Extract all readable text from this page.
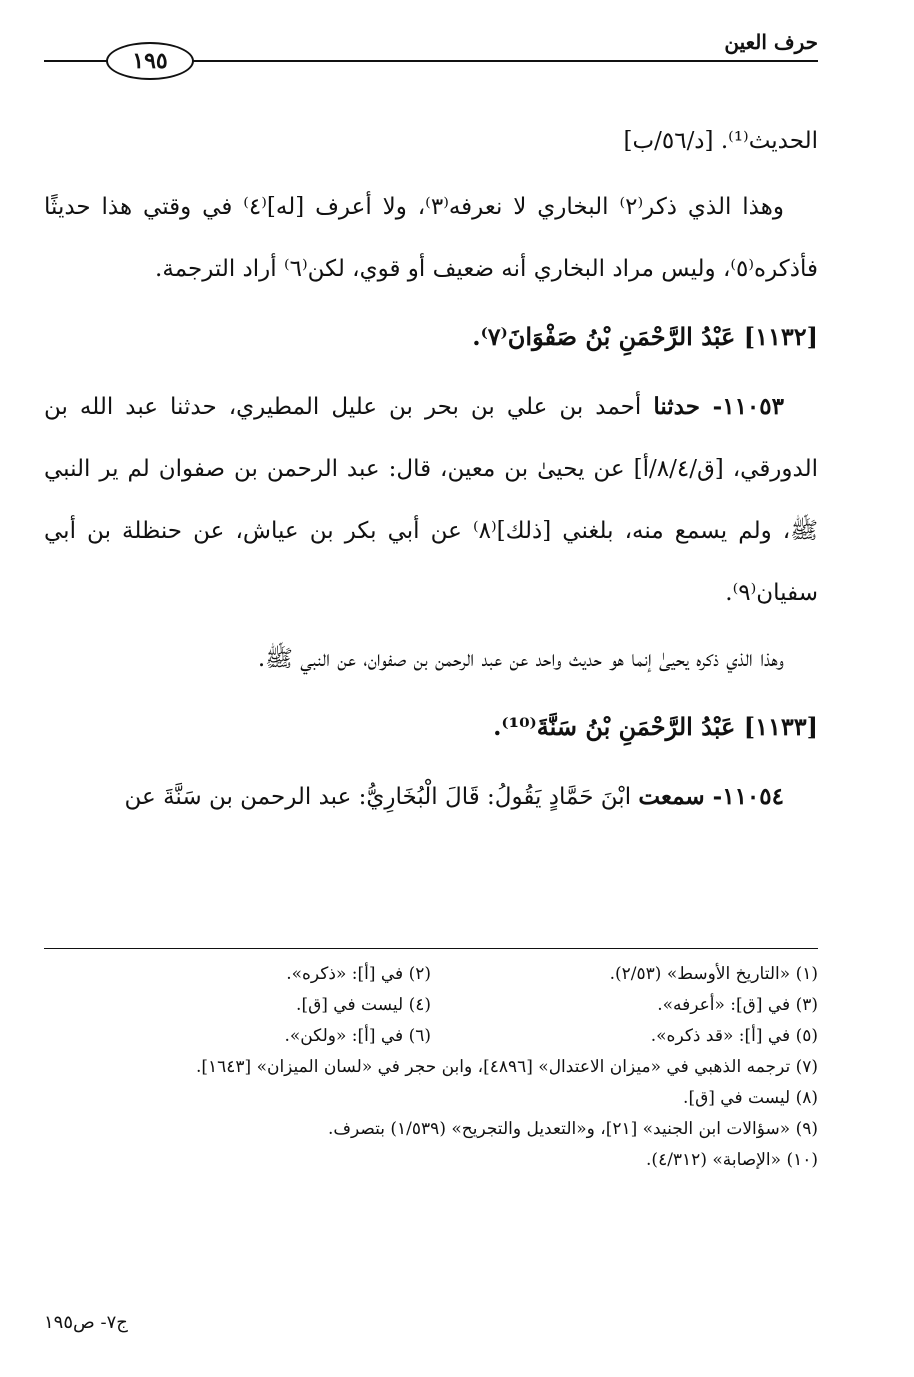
حرف العين
١٩٥

الحديث⁽¹⁾. [د/٥٦/ب]

وهذا الذي ذكر⁽٢⁾ البخاري لا نعرفه⁽٣⁾، ولا أعرف [له]⁽٤⁾ في وقتي هذا حديثًا فأذكره⁽٥⁾، وليس مراد البخاري أنه ضعيف أو قوي، لكن⁽٦⁾ أراد الترجمة.

[١١٣٢] عَبْدُ الرَّحْمَنِ بْنُ صَفْوَانَ⁽٧⁾.

١١٠٥٣- حدثنا أحمد بن علي بن بحر بن عليل المطيري، حدثنا عبد الله بن الدورقي، [ق/٨/٤/أ] عن يحيىٰ بن معين، قال: عبد الرحمن بن صفوان لم ير النبي ﷺ، ولم يسمع منه، بلغني [ذلك]⁽٨⁾ عن أبي بكر بن عياش، عن حنظلة بن أبي سفيان⁽٩⁾.

وهذا الذي ذكره يحيىٰ إنما هو حديث واحد عن عبد الرحمن بن صفوان، عن النبي ﷺ.

[١١٣٣] عَبْدُ الرَّحْمَنِ بْنُ سَنَّةَ⁽¹⁰⁾.

١١٠٥٤- سمعت ابْنَ حَمَّادٍ يَقُولُ: قَالَ الْبُخَارِيُّ: عبد الرحمن بن سَنَّةَ عن

(١) «التاريخ الأوسط» (٢/٥٣).
(٢) في [أ]: «ذكره».
(٣) في [ق]: «أعرفه».
(٤) ليست في [ق].
(٥) في [أ]: «قد ذكره».
(٦) في [أ]: «ولكن».
(٧) ترجمه الذهبي في «ميزان الاعتدال» [٤٨٩٦]، وابن حجر في «لسان الميزان» [١٦٤٣].
(٨) ليست في [ق].
(٩) «سؤالات ابن الجنيد» [٢١]، و«التعديل والتجريح» (١/٥٣٩) بتصرف.
(١٠) «الإصابة» (٤/٣١٢).
ج٧- ص١٩٥
